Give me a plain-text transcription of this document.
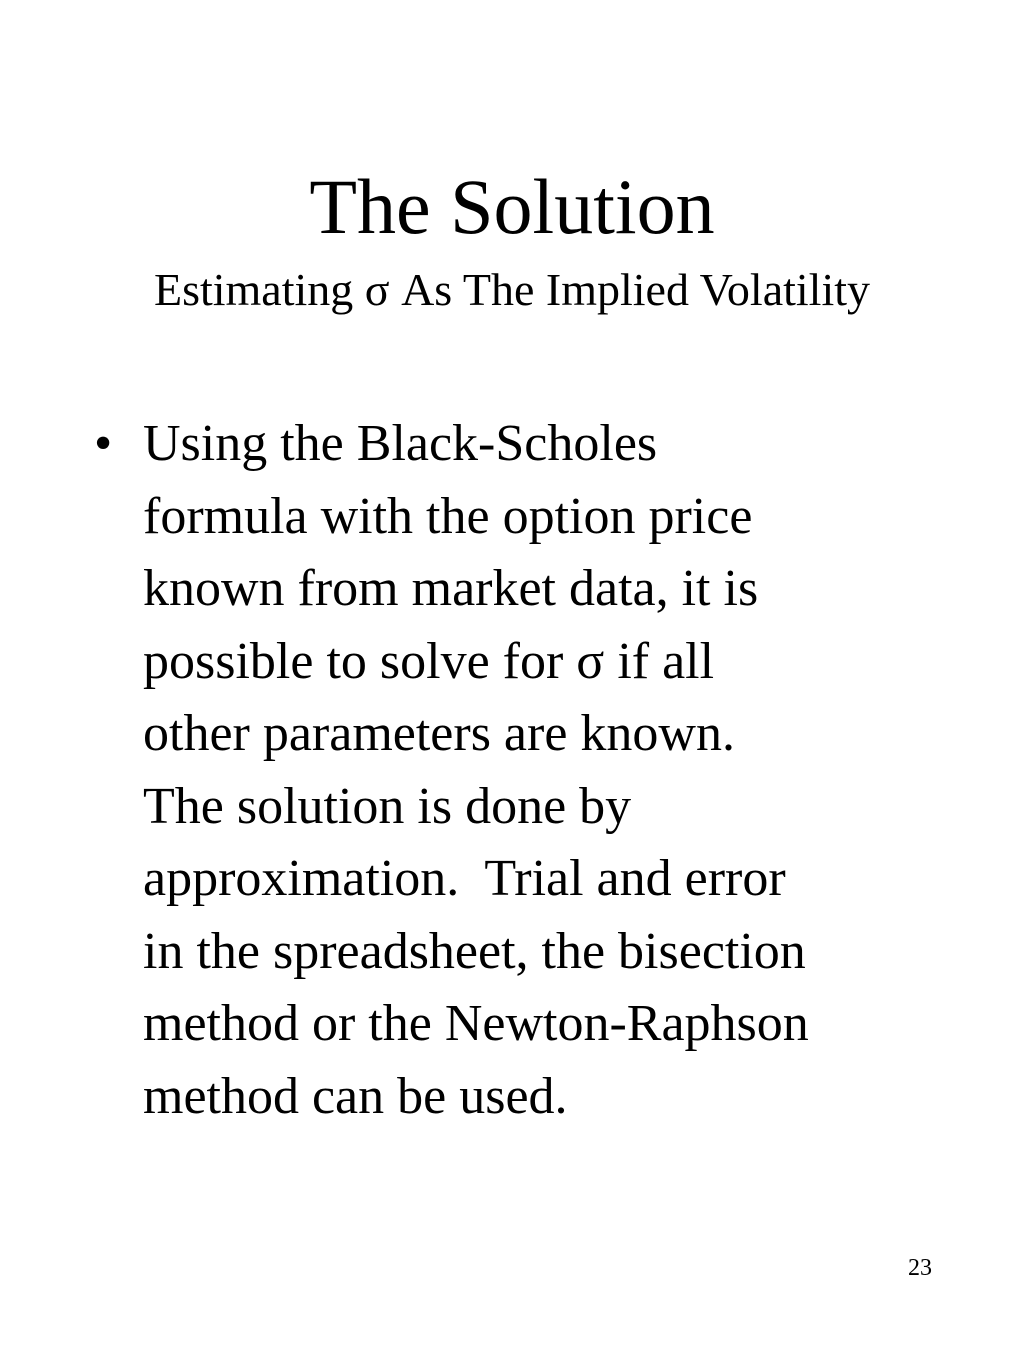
The Solution
Estimating σ As The Implied Volatility
• Using the Black-Scholes
formula with the option price
known from market data, it is
possible to solve for σ if all
other parameters are known.
The solution is done by
approximation.  Trial and error
in the spreadsheet, the bisection
method or the Newton-Raphson
method can be used.
23
